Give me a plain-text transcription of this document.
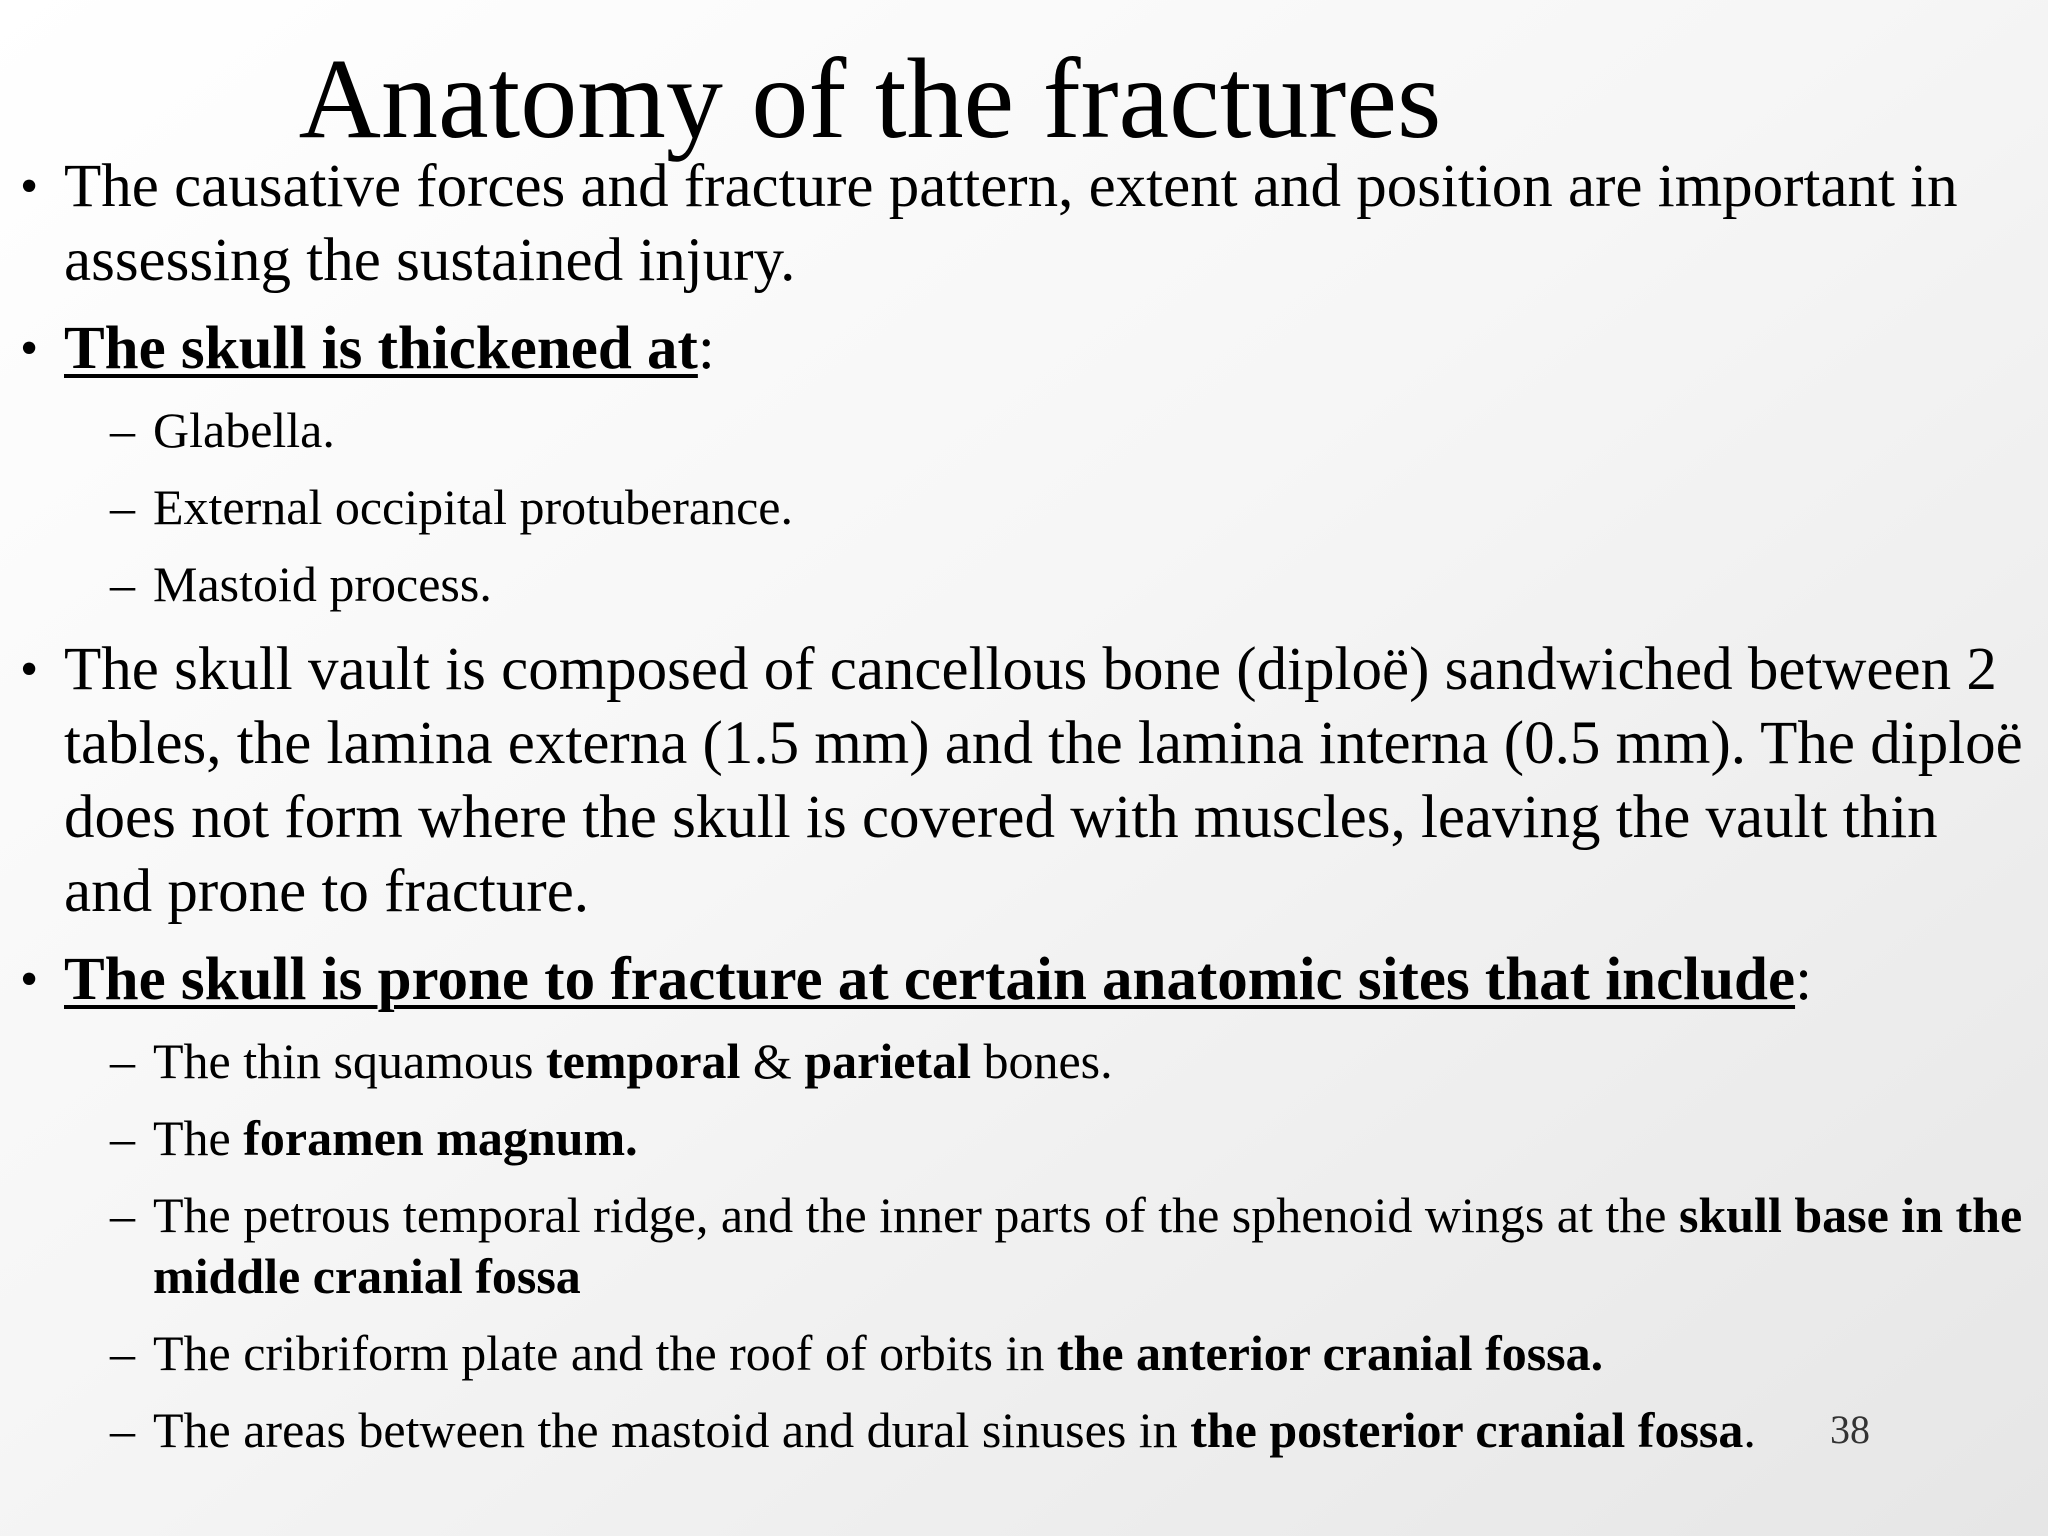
Anatomy of the fractures
• The causative forces and fracture pattern, extent and position are important in assessing the sustained injury.
• The skull is thickened at:
– Glabella.
– External occipital protuberance.
– Mastoid process.
• The skull vault is composed of cancellous bone (diploë) sandwiched between 2 tables, the lamina externa (1.5 mm) and the lamina interna (0.5 mm). The diploë does not form where the skull is covered with muscles, leaving the vault thin and prone to fracture.
• The skull is prone to fracture at certain anatomic sites that include:
– The thin squamous temporal & parietal bones.
– The foramen magnum.
– The petrous temporal ridge, and the inner parts of the sphenoid wings at the skull base in the middle cranial fossa
– The cribriform plate and the roof of orbits in the anterior cranial fossa.
– The areas between the mastoid and dural sinuses in the posterior cranial fossa.	38
